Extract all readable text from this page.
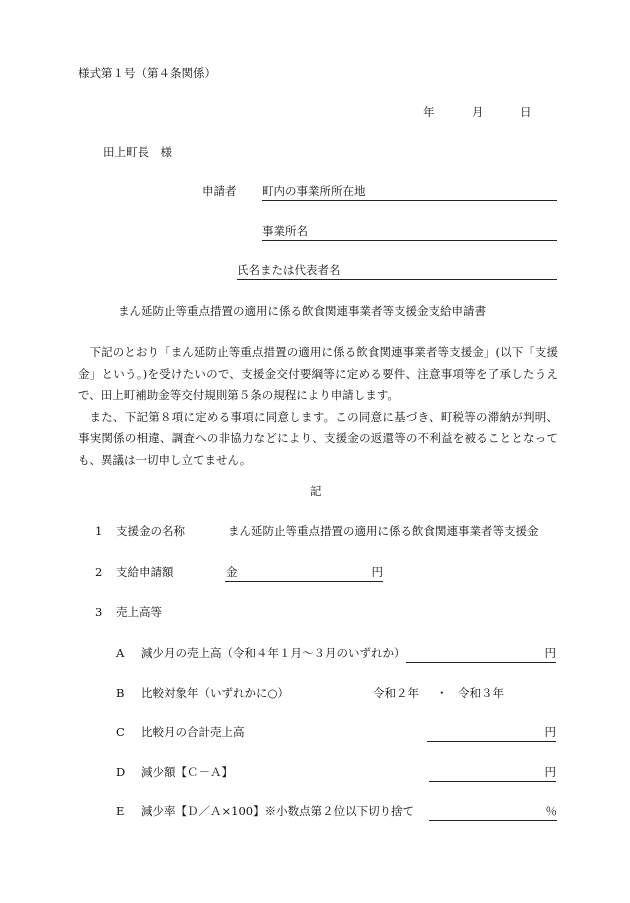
様式第１号（第４条関係）
年	月	日
田上町長　様
申請者 町内の事業所所在地
事業所名
氏名または代表者名
まん延防止等重点措置の適用に係る飲食関連事業者等支援金支給申請書

下記のとおり「まん延防止等重点措置の適用に係る飲食関連事業者等支援金」(以下「支援金」という。)を受けたいので、支援金交付要綱等に定める要件、注意事項等を了承したうえで、田上町補助金等交付規則第５条の規程により申請します。

また、下記第８項に定める事項に同意します。この同意に基づき、町税等の滞納が判明、事実関係の相違、調査への非協力などにより、支援金の返還等の不利益を被ることとなっても、異議は一切申し立てません。

記
1 支援金の名称	まん延防止等重点措置の適用に係る飲食関連事業者等支援金
2 支給申請額	金	円
3 売上高等
A 減少月の売上高（令和４年１月～３月のいずれか）	円
B 比較対象年（いずれかに○）	令和２年 ・ 令和３年
C 比較月の合計売上高	円
D 減少額【Ｃ－Ａ】	円
E 減少率【Ｄ／Ａ×100】※小数点第２位以下切り捨て	％
